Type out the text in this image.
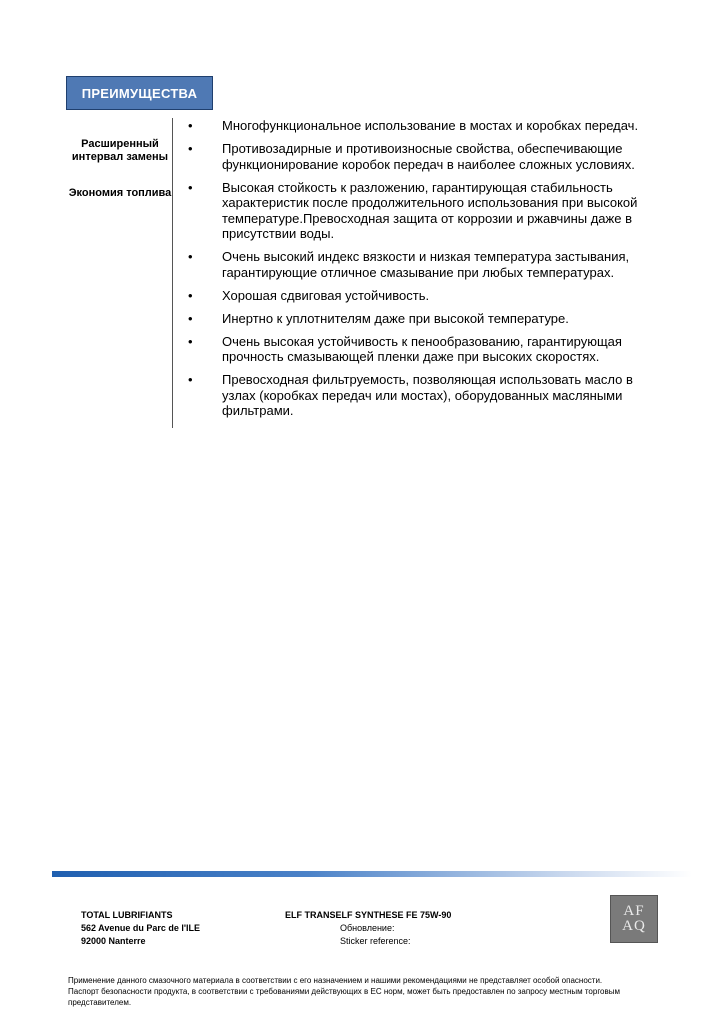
ПРЕИМУЩЕСТВА
Расширенный интервал замены
Экономия топлива
• Многофункциональное использование в мостах и коробках передач.
• Противозадирные и противоизносные свойства, обеспечивающие функционирование коробок передач в наиболее сложных условиях.
• Высокая стойкость к разложению, гарантирующая стабильность характеристик после продолжительного использования при высокой температуре.Превосходная защита от коррозии и ржавчины даже в присутствии воды.
• Очень высокий индекс вязкости и низкая температура застывания, гарантирующие отличное смазывание при любых температурах.
• Хорошая сдвиговая устойчивость.
• Инертно к уплотнителям даже при высокой температуре.
• Очень высокая устойчивость к пенообразованию, гарантирующая прочность смазывающей пленки даже при высоких скоростях.
• Превосходная фильтруемость, позволяющая использовать масло в узлах (коробках передач или мостах), оборудованных масляными фильтрами.
TOTAL LUBRIFIANTS
562 Avenue du Parc de l'ILE
92000 Nanterre
ELF TRANSELF SYNTHESE FE 75W-90
Обновление:
Sticker reference:
AF
AQ
Применение данного смазочного материала в соответствии с его назначением и нашими рекомендациями не представляет особой опасности.
Паспорт безопасности продукта, в соответствии с требованиями действующих в ЕС норм, может быть предоставлен по запросу местным торговым представителем.
